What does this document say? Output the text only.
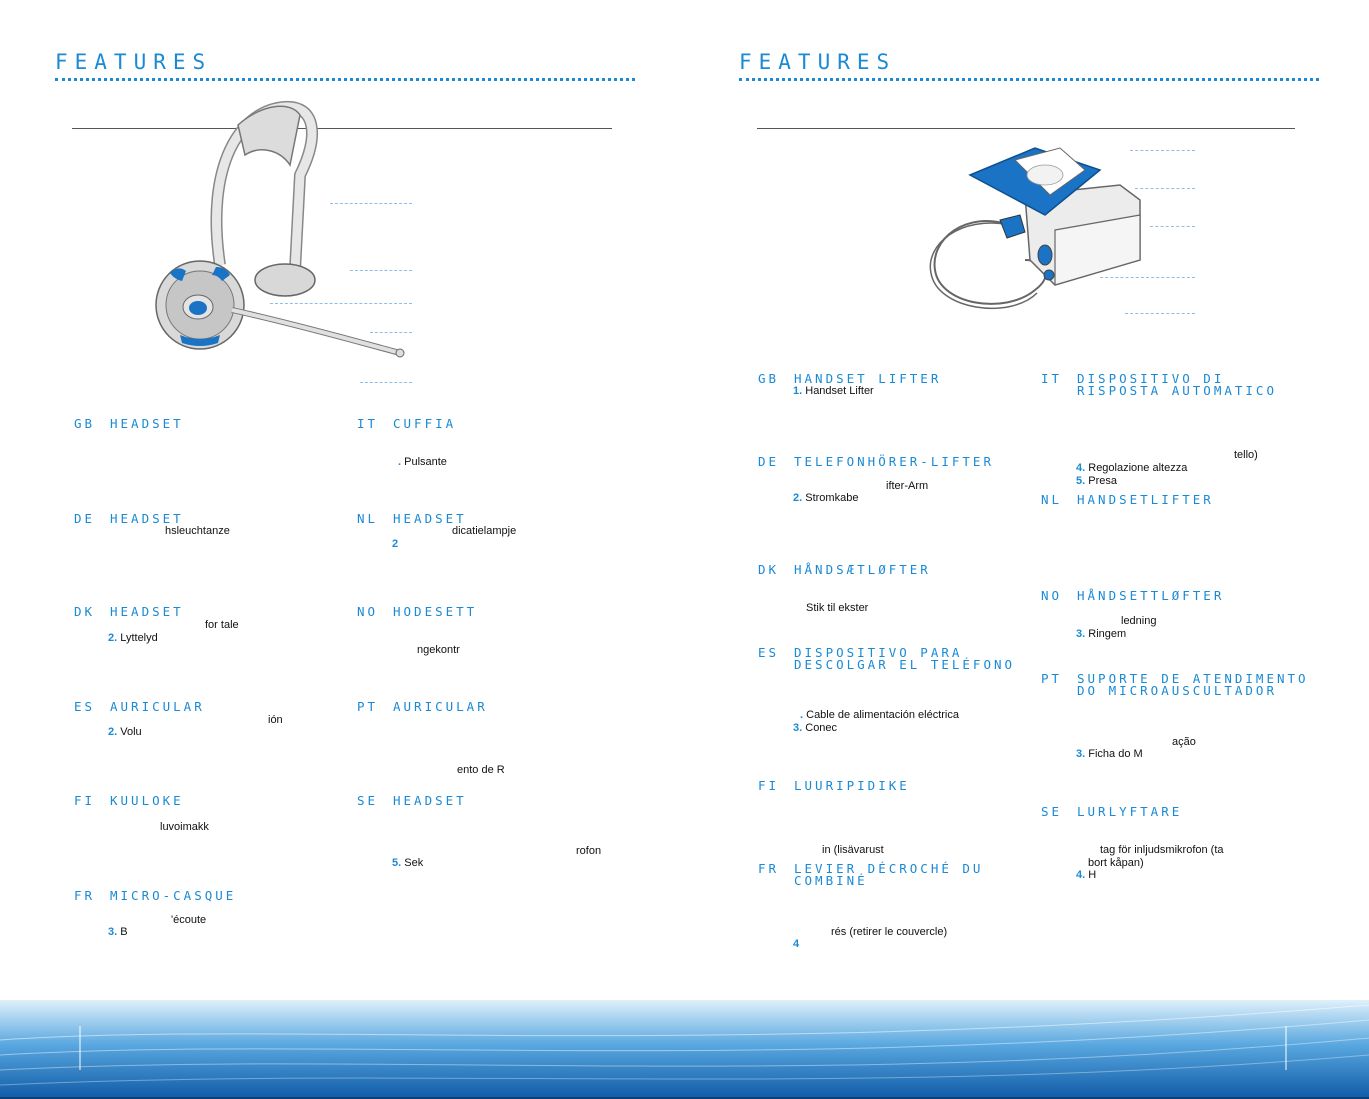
FEATURES	FEATURES
GB	HEADSET
DE	HEADSET
hsleuchtanze
DK	HEADSET
for tale
2. Lyttelyd
ES	AURICULAR
ión
2. Volu
FI	KUULOKE
luvoimakk
FR	MICRO-CASQUE
'écoute
3. B
IT	CUFFIA
. Pulsante
NL	HEADSET
dicatielampje
2
NO	HODESETT
ngekontr
PT	AURICULAR
ento de R
SE	HEADSET
rofon
5. Sek
GB	HANDSET LIFTER
1. Handset Lifter
DE	TELEFONHÖRER-LIFTER
ifter-Arm
2. Stromkabe
DK	HÅNDSÆTLØFTER
Stik til ekster
ES	DISPOSITIVO PARA DESCOLGAR EL TELÉFONO
. Cable de alimentación eléctrica
3. Conec
FI	LUURIPIDIKE
in (lisävarust
FR	LEVIER DÉCROCHÉ DU COMBINÉ
rés (retirer le couvercle)
4
IT	DISPOSITIVO DI RISPOSTA AUTOMATICO
tello)
4. Regolazione altezza
5. Presa
NL	HANDSETLIFTER
NO	HÅNDSETTLØFTER
ledning
3. Ringem
PT	SUPORTE DE ATENDIMENTO DO MICROAUSCULTADOR
ação
3. Ficha do M
SE	LURLYFTARE
tag för inljudsmikrofon (ta
bort kåpan)
4. H
